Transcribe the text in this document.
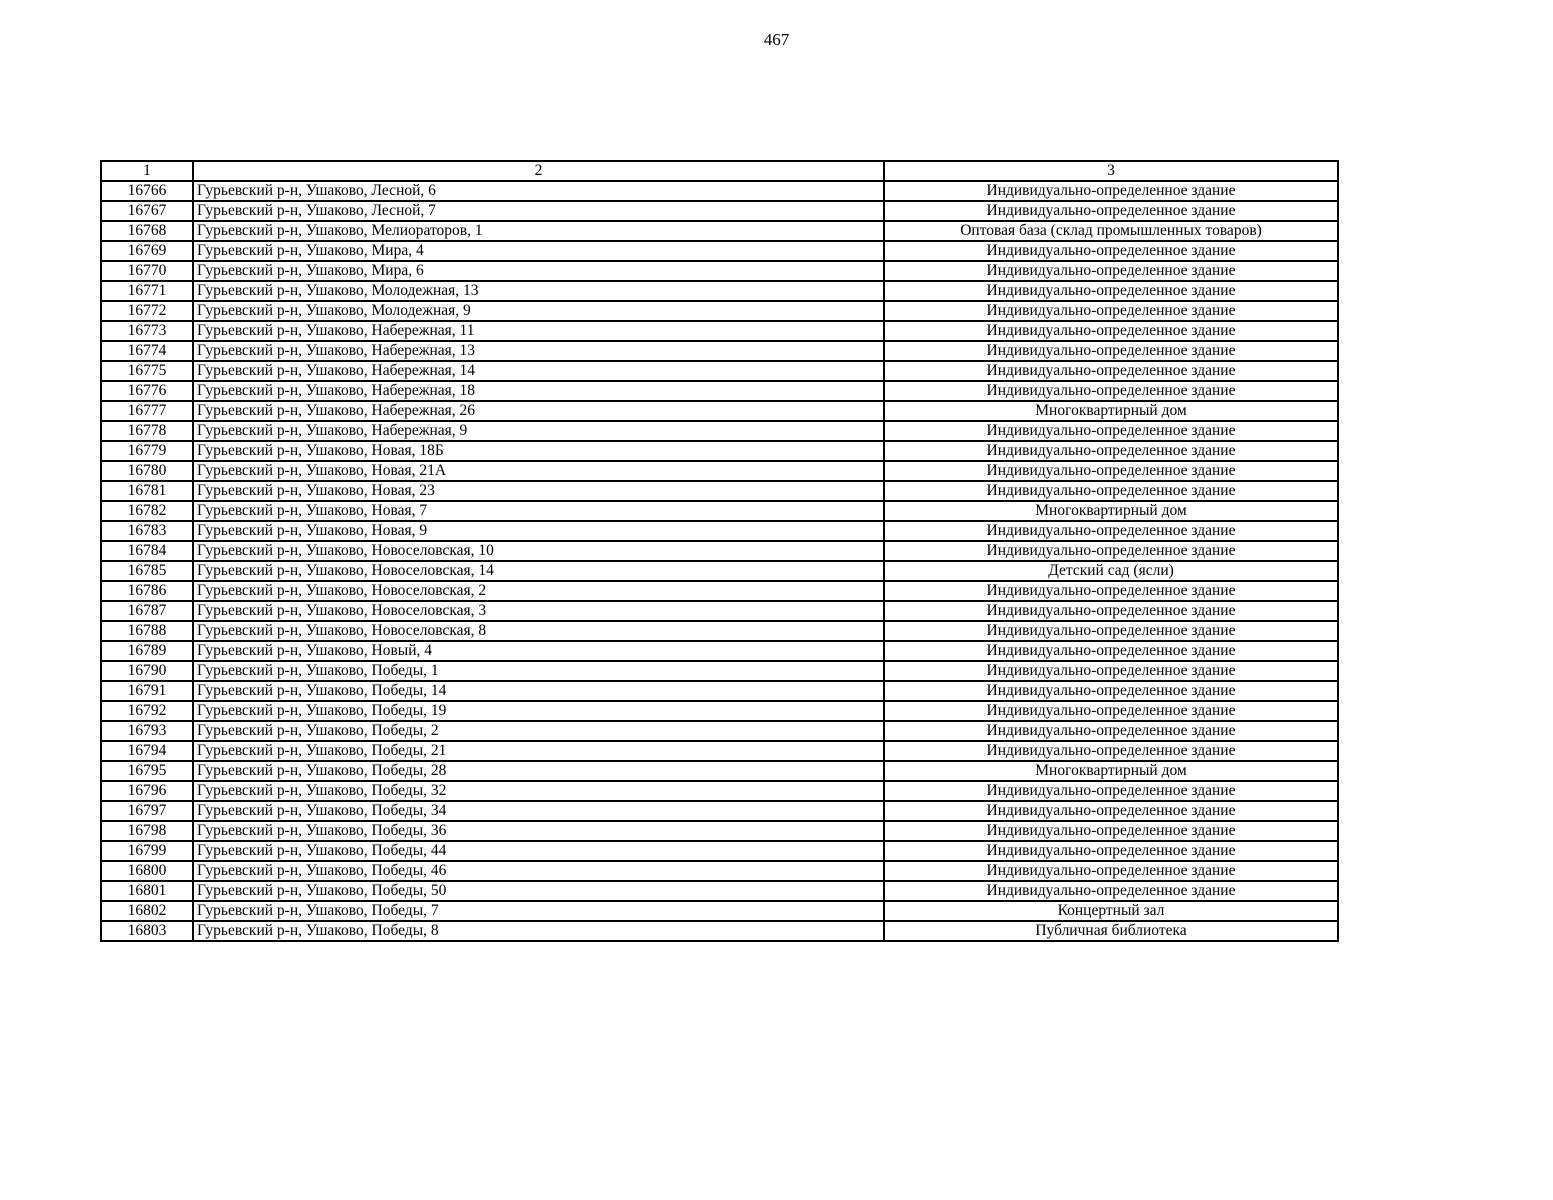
467
1	2	3
16766	Гурьевский р-н, Ушаково, Лесной, 6	Индивидуально-определенное здание
16767	Гурьевский р-н, Ушаково, Лесной, 7	Индивидуально-определенное здание
16768	Гурьевский р-н, Ушаково, Мелиораторов, 1	Оптовая база (склад промышленных товаров)
16769	Гурьевский р-н, Ушаково, Мира, 4	Индивидуально-определенное здание
16770	Гурьевский р-н, Ушаково, Мира, 6	Индивидуально-определенное здание
16771	Гурьевский р-н, Ушаково, Молодежная, 13	Индивидуально-определенное здание
16772	Гурьевский р-н, Ушаково, Молодежная, 9	Индивидуально-определенное здание
16773	Гурьевский р-н, Ушаково, Набережная, 11	Индивидуально-определенное здание
16774	Гурьевский р-н, Ушаково, Набережная, 13	Индивидуально-определенное здание
16775	Гурьевский р-н, Ушаково, Набережная, 14	Индивидуально-определенное здание
16776	Гурьевский р-н, Ушаково, Набережная, 18	Индивидуально-определенное здание
16777	Гурьевский р-н, Ушаково, Набережная, 26	Многоквартирный дом
16778	Гурьевский р-н, Ушаково, Набережная, 9	Индивидуально-определенное здание
16779	Гурьевский р-н, Ушаково, Новая, 18Б	Индивидуально-определенное здание
16780	Гурьевский р-н, Ушаково, Новая, 21А	Индивидуально-определенное здание
16781	Гурьевский р-н, Ушаково, Новая, 23	Индивидуально-определенное здание
16782	Гурьевский р-н, Ушаково, Новая, 7	Многоквартирный дом
16783	Гурьевский р-н, Ушаково, Новая, 9	Индивидуально-определенное здание
16784	Гурьевский р-н, Ушаково, Новоселовская, 10	Индивидуально-определенное здание
16785	Гурьевский р-н, Ушаково, Новоселовская, 14	Детский сад (ясли)
16786	Гурьевский р-н, Ушаково, Новоселовская, 2	Индивидуально-определенное здание
16787	Гурьевский р-н, Ушаково, Новоселовская, 3	Индивидуально-определенное здание
16788	Гурьевский р-н, Ушаково, Новоселовская, 8	Индивидуально-определенное здание
16789	Гурьевский р-н, Ушаково, Новый, 4	Индивидуально-определенное здание
16790	Гурьевский р-н, Ушаково, Победы, 1	Индивидуально-определенное здание
16791	Гурьевский р-н, Ушаково, Победы, 14	Индивидуально-определенное здание
16792	Гурьевский р-н, Ушаково, Победы, 19	Индивидуально-определенное здание
16793	Гурьевский р-н, Ушаково, Победы, 2	Индивидуально-определенное здание
16794	Гурьевский р-н, Ушаково, Победы, 21	Индивидуально-определенное здание
16795	Гурьевский р-н, Ушаково, Победы, 28	Многоквартирный дом
16796	Гурьевский р-н, Ушаково, Победы, 32	Индивидуально-определенное здание
16797	Гурьевский р-н, Ушаково, Победы, 34	Индивидуально-определенное здание
16798	Гурьевский р-н, Ушаково, Победы, 36	Индивидуально-определенное здание
16799	Гурьевский р-н, Ушаково, Победы, 44	Индивидуально-определенное здание
16800	Гурьевский р-н, Ушаково, Победы, 46	Индивидуально-определенное здание
16801	Гурьевский р-н, Ушаково, Победы, 50	Индивидуально-определенное здание
16802	Гурьевский р-н, Ушаково, Победы, 7	Концертный зал
16803	Гурьевский р-н, Ушаково, Победы, 8	Публичная библиотека
